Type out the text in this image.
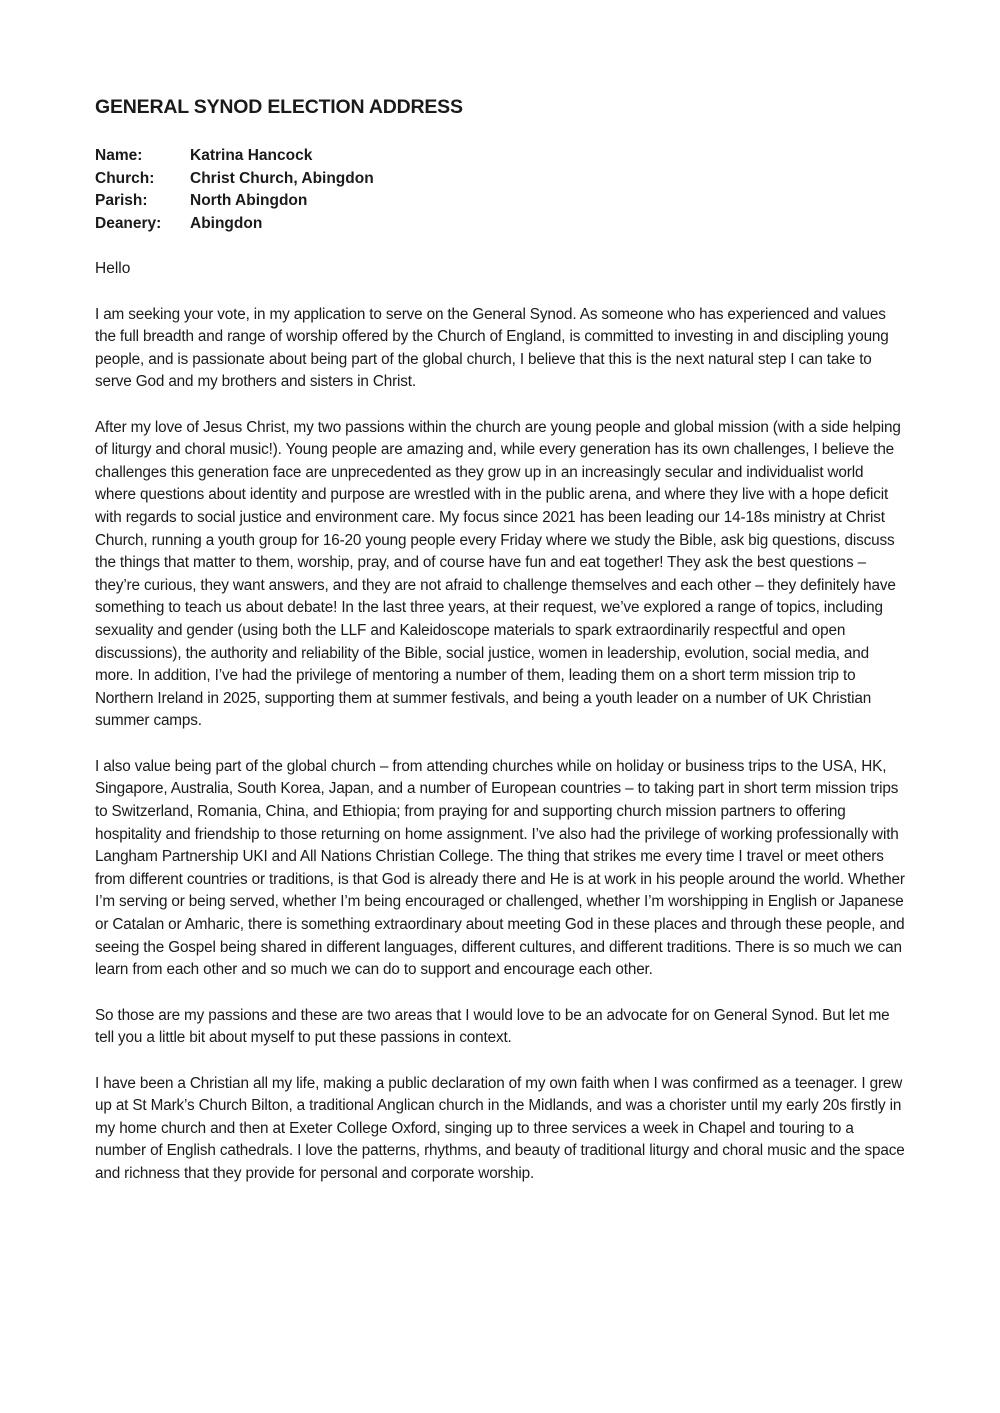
GENERAL SYNOD ELECTION ADDRESS
Name:	Katrina Hancock
Church:	Christ Church, Abingdon
Parish:	North Abingdon
Deanery:	Abingdon
Hello

I am seeking your vote, in my application to serve on the General Synod. As someone who has experienced and values the full breadth and range of worship offered by the Church of England, is committed to investing in and discipling young people, and is passionate about being part of the global church, I believe that this is the next natural step I can take to serve God and my brothers and sisters in Christ.

After my love of Jesus Christ, my two passions within the church are young people and global mission (with a side helping of liturgy and choral music!). Young people are amazing and, while every generation has its own challenges, I believe the challenges this generation face are unprecedented as they grow up in an increasingly secular and individualist world where questions about identity and purpose are wrestled with in the public arena, and where they live with a hope deficit with regards to social justice and environment care. My focus since 2021 has been leading our 14-18s ministry at Christ Church, running a youth group for 16-20 young people every Friday where we study the Bible, ask big questions, discuss the things that matter to them, worship, pray, and of course have fun and eat together! They ask the best questions – they’re curious, they want answers, and they are not afraid to challenge themselves and each other – they definitely have something to teach us about debate! In the last three years, at their request, we’ve explored a range of topics, including sexuality and gender (using both the LLF and Kaleidoscope materials to spark extraordinarily respectful and open discussions), the authority and reliability of the Bible, social justice, women in leadership, evolution, social media, and more. In addition, I’ve had the privilege of mentoring a number of them, leading them on a short term mission trip to Northern Ireland in 2025, supporting them at summer festivals, and being a youth leader on a number of UK Christian summer camps.

I also value being part of the global church – from attending churches while on holiday or business trips to the USA, HK, Singapore, Australia, South Korea, Japan, and a number of European countries – to taking part in short term mission trips to Switzerland, Romania, China, and Ethiopia; from praying for and supporting church mission partners to offering hospitality and friendship to those returning on home assignment. I’ve also had the privilege of working professionally with Langham Partnership UKI and All Nations Christian College. The thing that strikes me every time I travel or meet others from different countries or traditions, is that God is already there and He is at work in his people around the world. Whether I’m serving or being served, whether I’m being encouraged or challenged, whether I’m worshipping in English or Japanese or Catalan or Amharic, there is something extraordinary about meeting God in these places and through these people, and seeing the Gospel being shared in different languages, different cultures, and different traditions. There is so much we can learn from each other and so much we can do to support and encourage each other.

So those are my passions and these are two areas that I would love to be an advocate for on General Synod. But let me tell you a little bit about myself to put these passions in context.

I have been a Christian all my life, making a public declaration of my own faith when I was confirmed as a teenager. I grew up at St Mark’s Church Bilton, a traditional Anglican church in the Midlands, and was a chorister until my early 20s firstly in my home church and then at Exeter College Oxford, singing up to three services a week in Chapel and touring to a number of English cathedrals. I love the patterns, rhythms, and beauty of traditional liturgy and choral music and the space and richness that they provide for personal and corporate worship.
